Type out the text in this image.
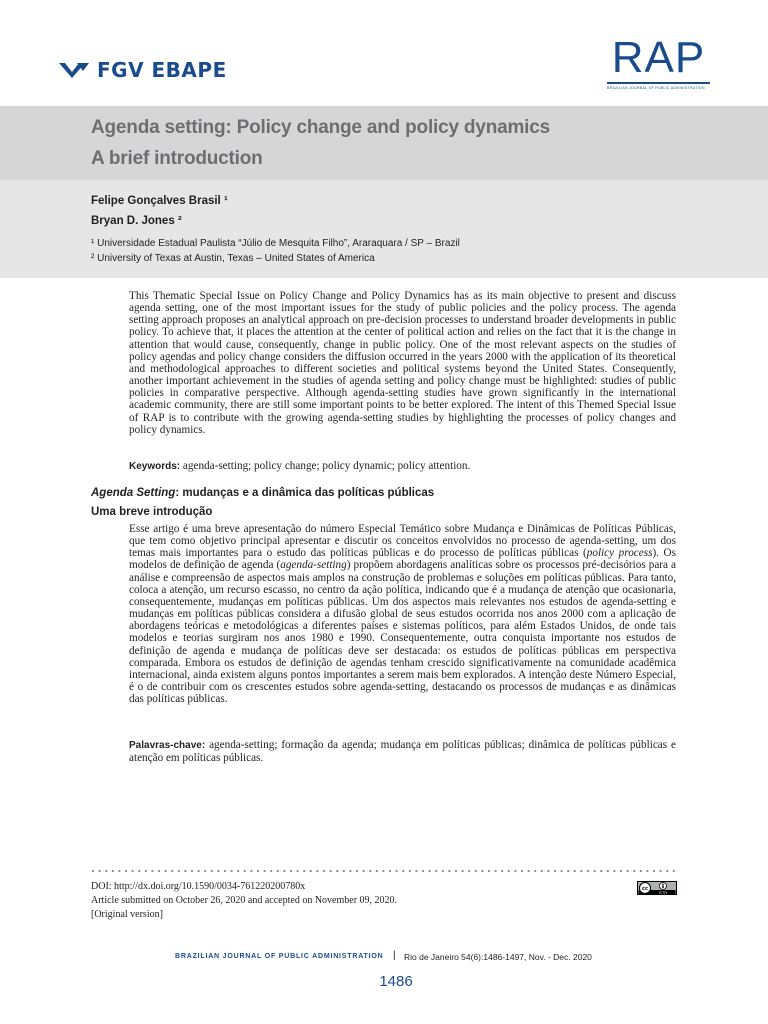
FGV EBAPE	RAP
BRAZILIAN JOURNAL OF PUBLIC ADMINISTRATION
Agenda setting: Policy change and policy dynamics
A brief introduction
Felipe Gonçalves Brasil ¹
Bryan D. Jones ²
¹ Universidade Estadual Paulista “Júlio de Mesquita Filho”, Araraquara / SP – Brazil
² University of Texas at Austin, Texas – United States of America
This Thematic Special Issue on Policy Change and Policy Dynamics has as its main objective to present and discuss agenda setting, one of the most important issues for the study of public policies and the policy process. The agenda setting approach proposes an analytical approach on pre-decision processes to understand broader developments in public policy. To achieve that, it places the attention at the center of political action and relies on the fact that it is the change in attention that would cause, consequently, change in public policy. One of the most relevant aspects on the studies of policy agendas and policy change considers the diffusion occurred in the years 2000 with the application of its theoretical and methodological approaches to different societies and political systems beyond the United States. Consequently, another important achievement in the studies of agenda setting and policy change must be highlighted: studies of public policies in comparative perspective. Although agenda-setting studies have grown significantly in the international academic community, there are still some important points to be better explored. The intent of this Themed Special Issue of RAP is to contribute with the growing agenda-setting studies by highlighting the processes of policy changes and policy dynamics.
Keywords: agenda-setting; policy change; policy dynamic; policy attention.
Agenda Setting: mudanças e a dinâmica das políticas públicas
Uma breve introdução
Esse artigo é uma breve apresentação do número Especial Temático sobre Mudança e Dinâmicas de Políticas Públicas, que tem como objetivo principal apresentar e discutir os conceitos envolvidos no processo de agenda-setting, um dos temas mais importantes para o estudo das políticas públicas e do processo de políticas públicas (policy process). Os modelos de definição de agenda (agenda-setting) propõem abordagens analíticas sobre os processos pré-decisórios para a análise e compreensão de aspectos mais amplos na construção de problemas e soluções em políticas públicas. Para tanto, coloca a atenção, um recurso escasso, no centro da ação política, indicando que é a mudança de atenção que ocasionaria, consequentemente, mudanças em políticas públicas. Um dos aspectos mais relevantes nos estudos de agenda-setting e mudanças em políticas públicas considera a difusão global de seus estudos ocorrida nos anos 2000 com a aplicação de abordagens teóricas e metodológicas a diferentes países e sistemas políticos, para além Estados Unidos, de onde tais modelos e teorias surgiram nos anos 1980 e 1990. Consequentemente, outra conquista importante nos estudos de definição de agenda e mudança de políticas deve ser destacada: os estudos de políticas públicas em perspectiva comparada. Embora os estudos de definição de agendas tenham crescido significativamente na comunidade acadêmica internacional, ainda existem alguns pontos importantes a serem mais bem explorados. A intenção deste Número Especial, é o de contribuir com os crescentes estudos sobre agenda-setting, destacando os processos de mudanças e as dinâmicas das políticas públicas.
Palavras-chave: agenda-setting; formação da agenda; mudança em políticas públicas; dinâmica de políticas públicas e atenção em políticas públicas.
DOI: http://dx.doi.org/10.1590/0034-761220200780x
Article submitted on October 26, 2020 and accepted on November 09, 2020.
[Original version]
cc
cc by
BRAZILIAN JOURNAL OF PUBLIC ADMINISTRATION | Rio de Janeiro 54(6):1486-1497, Nov. - Dec. 2020
1486
